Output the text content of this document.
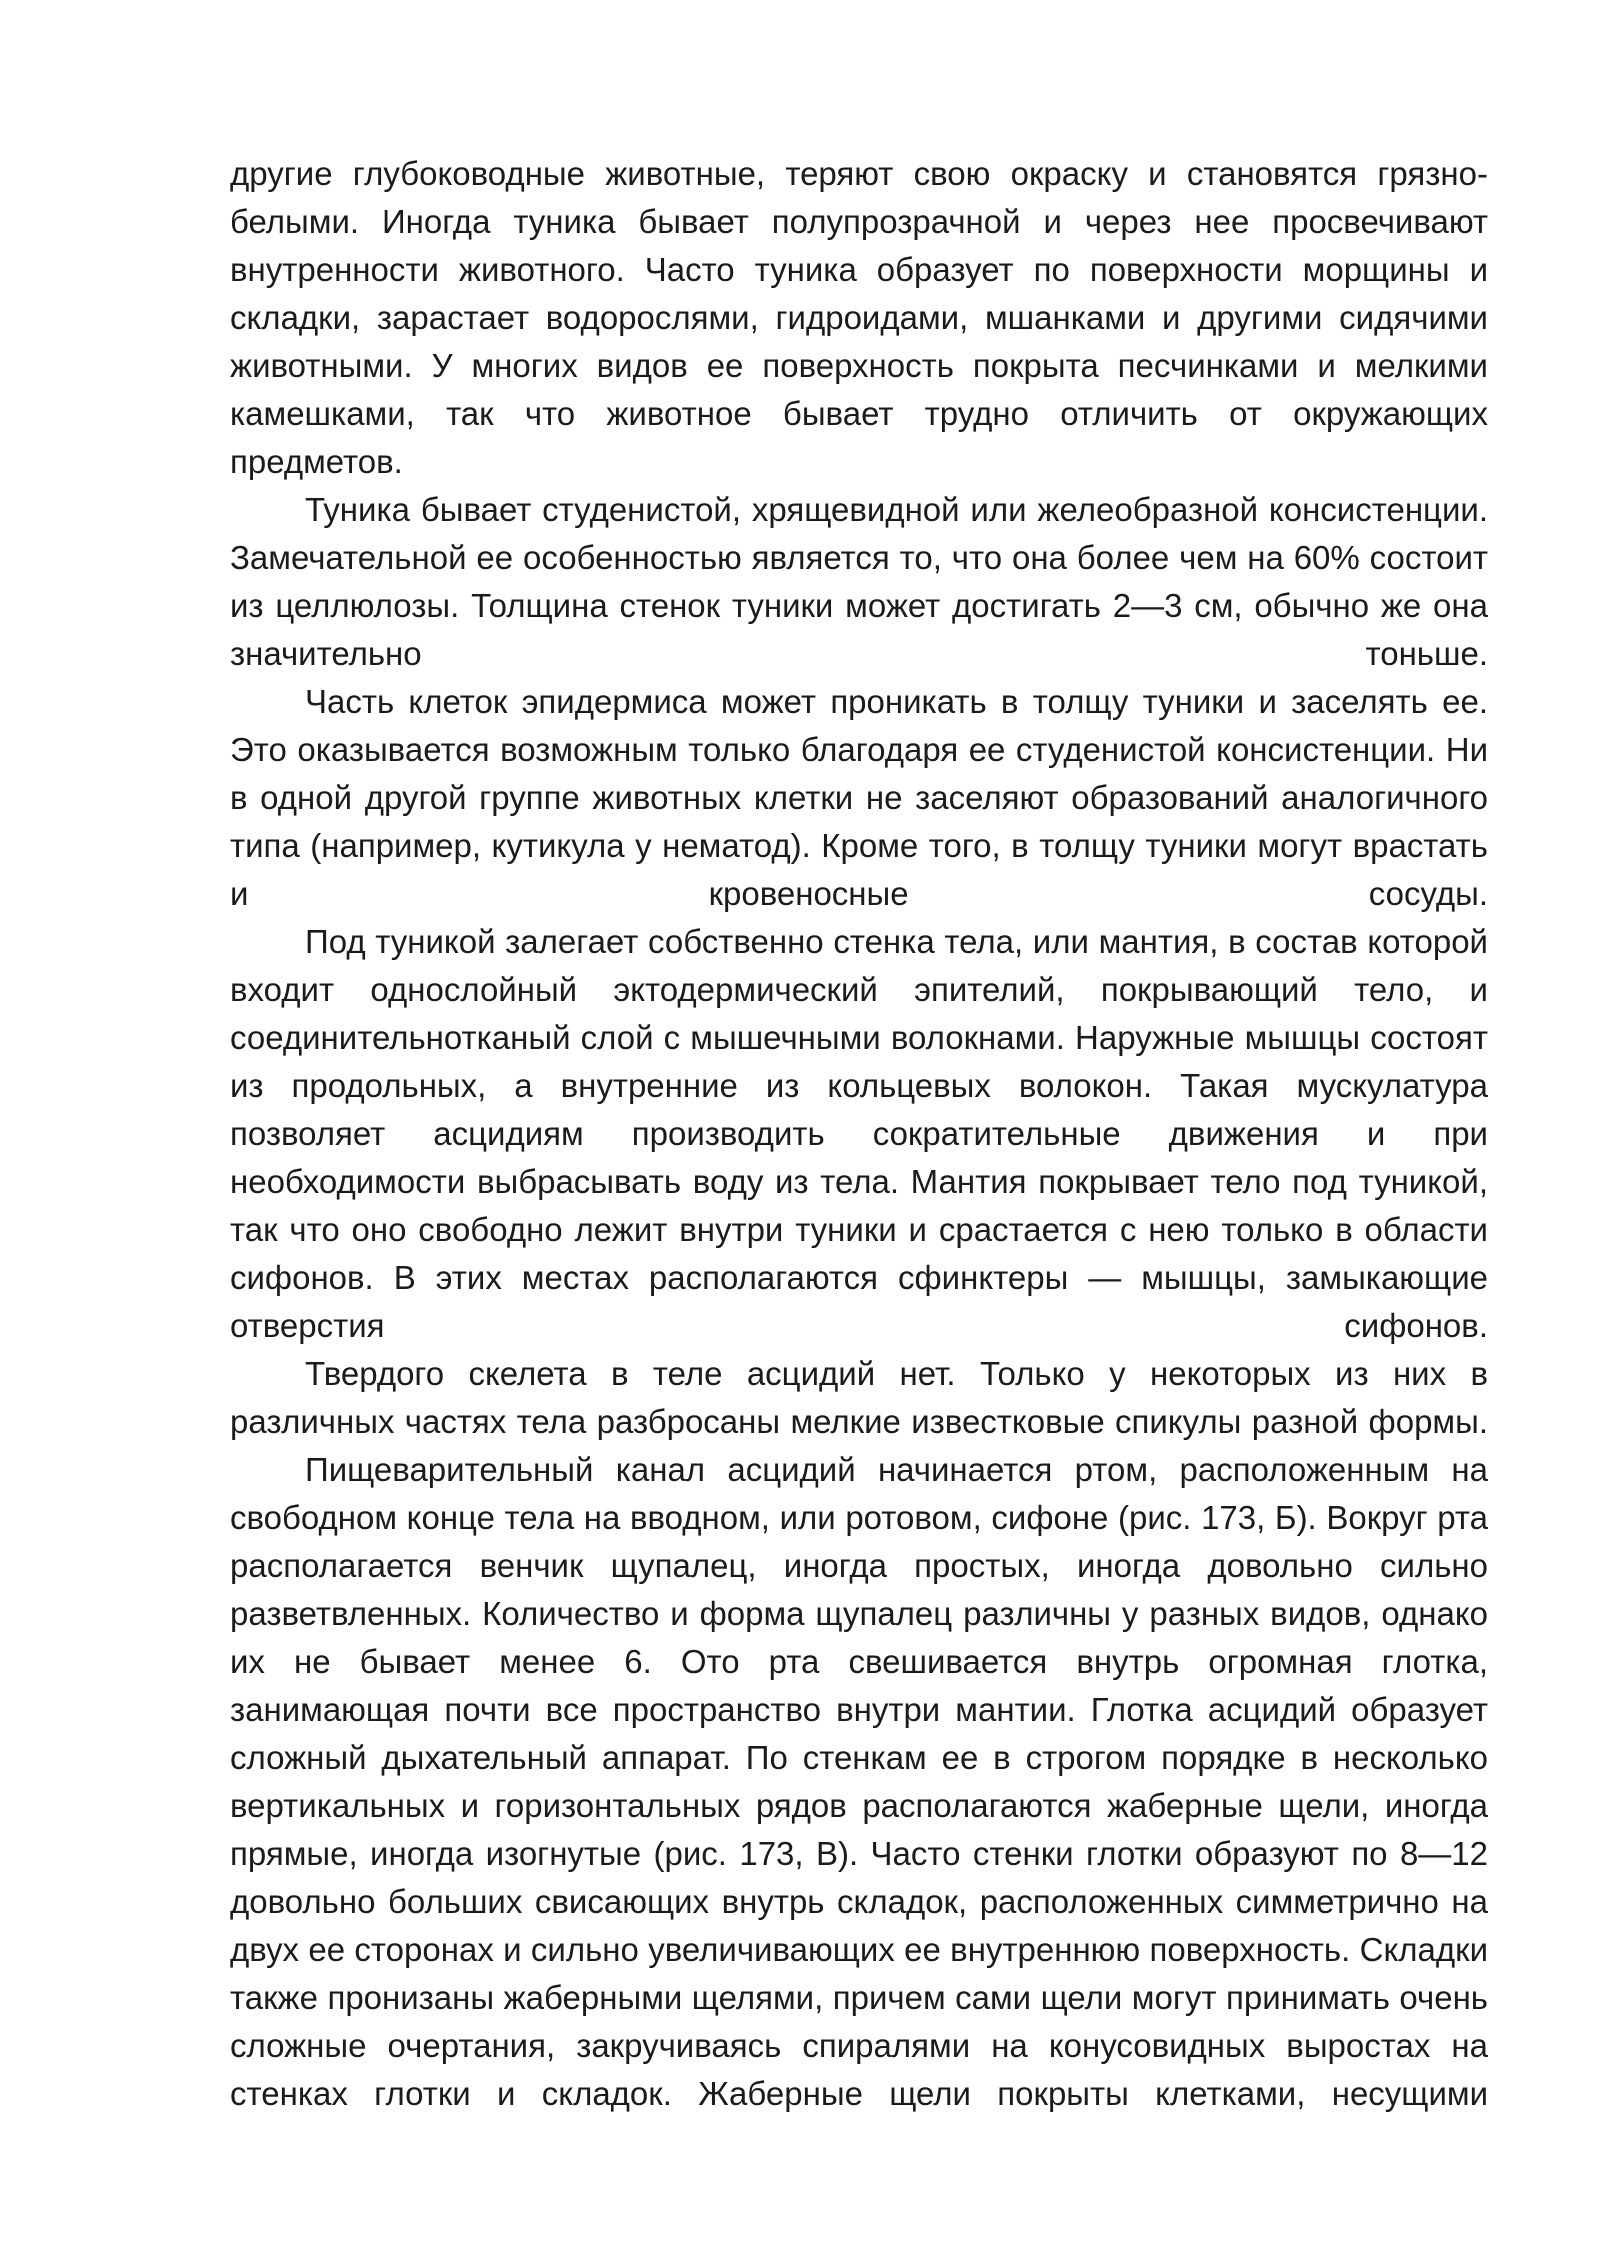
другие глубоководные животные, теряют свою окраску и становятся грязно-белыми. Иногда туника бывает полупрозрачной и через нее просвечивают внутренности животного. Часто туника образует по поверхности морщины и складки, зарастает водорослями, гидроидами, мшанками и другими сидячими животными. У многих видов ее поверхность покрыта песчинками и мелкими камешками, так что животное бывает трудно отличить от окружающих предметов.

Туника бывает студенистой, хрящевидной или желеобразной консистенции. Замечательной ее особенностью является то, что она более чем на 60% состоит из целлюлозы. Толщина стенок туники может достигать 2—3 см, обычно же она значительно тоньше.

Часть клеток эпидермиса может проникать в толщу туники и заселять ее. Это оказывается возможным только благодаря ее студенистой консистенции. Ни в одной другой группе животных клетки не заселяют образований аналогичного типа (например, кутикула у нематод). Кроме того, в толщу туники могут врастать и кровеносные сосуды.

Под туникой залегает собственно стенка тела, или мантия, в состав которой входит однослойный эктодермический эпителий, покрывающий тело, и соединительнотканый слой с мышечными волокнами. Наружные мышцы состоят из продольных, а внутренние из кольцевых волокон. Такая мускулатура позволяет асцидиям производить сократительные движения и при необходимости выбрасывать воду из тела. Мантия покрывает тело под туникой, так что оно свободно лежит внутри туники и срастается с нею только в области сифонов. В этих местах располагаются сфинктеры — мышцы, замыкающие отверстия сифонов.

Твердого скелета в теле асцидий нет. Только у некоторых из них в различных частях тела разбросаны мелкие известковые спикулы разной формы.

Пищеварительный канал асцидий начинается ртом, расположенным на свободном конце тела на вводном, или ротовом, сифоне (рис. 173, Б). Вокруг рта располагается венчик щупалец, иногда простых, иногда довольно сильно разветвленных. Количество и форма щупалец различны у разных видов, однако их не бывает менее 6. Ото рта свешивается внутрь огромная глотка, занимающая почти все пространство внутри мантии. Глотка асцидий образует сложный дыхательный аппарат. По стенкам ее в строгом порядке в несколько вертикальных и горизонтальных рядов располагаются жаберные щели, иногда прямые, иногда изогнутые (рис. 173, В). Часто стенки глотки образуют по 8—12 довольно больших свисающих внутрь складок, расположенных симметрично на двух ее сторонах и сильно увеличивающих ее внутреннюю поверхность. Складки также пронизаны жаберными щелями, причем сами щели могут принимать очень сложные очертания, закручиваясь спиралями на конусовидных выростах на стенках глотки и складок. Жаберные щели покрыты клетками, несущими
